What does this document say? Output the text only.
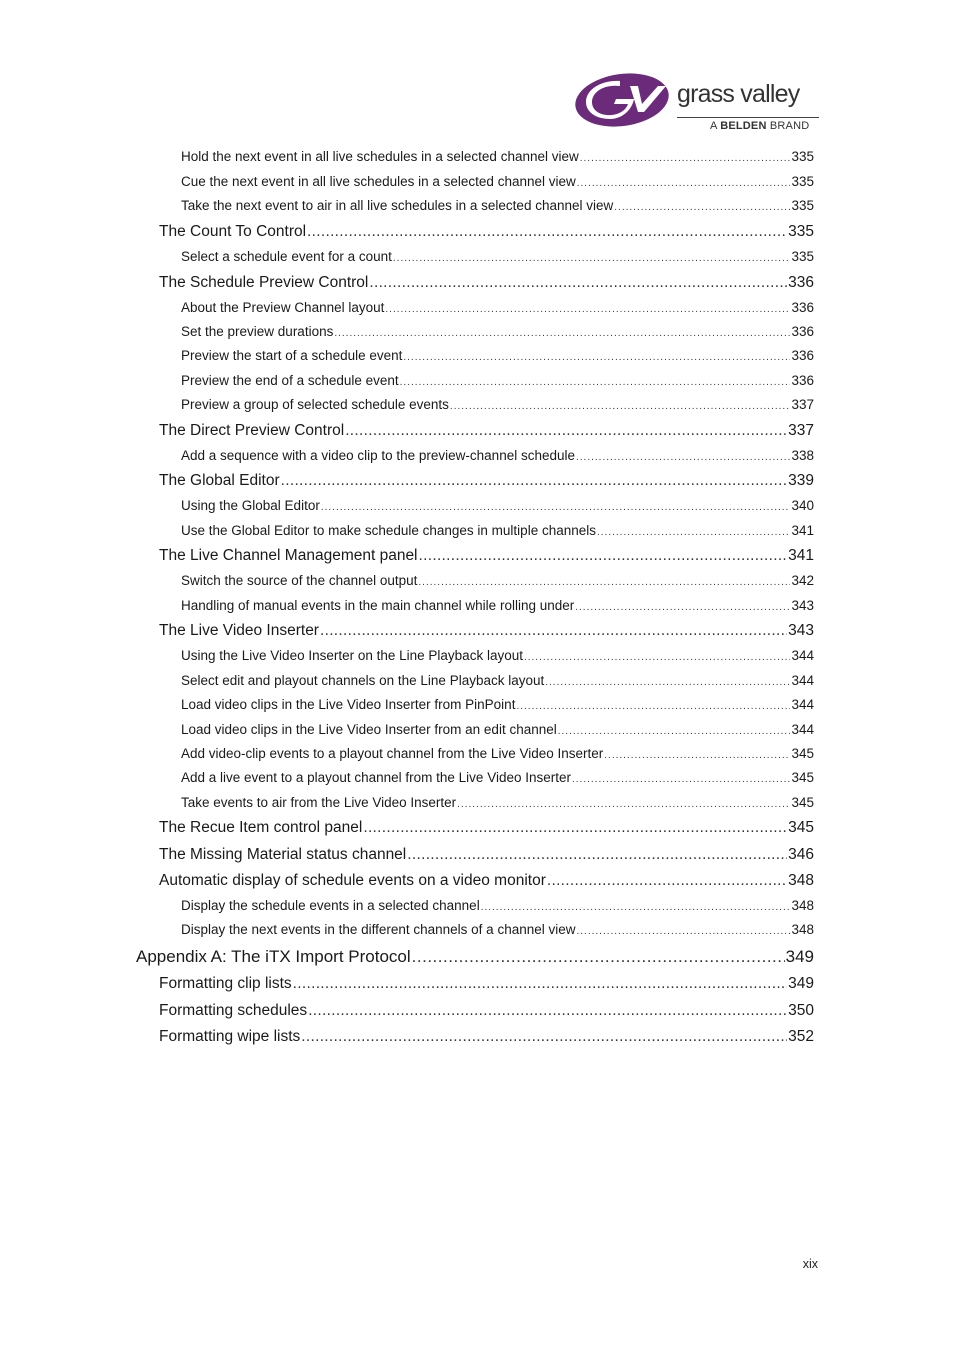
grass valley
A BELDEN BRAND
Hold the next event in all live schedules in a selected channel view .....	335
Cue the next event in all live schedules in a selected channel view .....	335
Take the next event to air in all live schedules in a selected channel view .....	335
The Count To Control .....	335
Select a schedule event for a count .....	335
The Schedule Preview Control .....	336
About the Preview Channel layout .....	336
Set the preview durations .....	336
Preview the start of a schedule event .....	336
Preview the end of a schedule event .....	336
Preview a group of selected schedule events .....	337
The Direct Preview Control .....	337
Add a sequence with a video clip to the preview-channel schedule .....	338
The Global Editor .....	339
Using the Global Editor .....	340
Use the Global Editor to make schedule changes in multiple channels .....	341
The Live Channel Management panel .....	341
Switch the source of the channel output .....	342
Handling of manual events in the main channel while rolling under .....	343
The Live Video Inserter .....	343
Using the Live Video Inserter on the Line Playback layout .....	344
Select edit and playout channels on the Line Playback layout .....	344
Load video clips in the Live Video Inserter from PinPoint .....	344
Load video clips in the Live Video Inserter from an edit channel .....	344
Add video-clip events to a playout channel from the Live Video Inserter .....	345
Add a live event to a playout channel from the Live Video Inserter .....	345
Take events to air from the Live Video Inserter .....	345
The Recue Item control panel .....	345
The Missing Material status channel .....	346
Automatic display of schedule events on a video monitor .....	348
Display the schedule events in a selected channel .....	348
Display the next events in the different channels of a channel view .....	348
Appendix A: The iTX Import Protocol .....	349
Formatting clip lists .....	349
Formatting schedules .....	350
Formatting wipe lists .....	352
xix
